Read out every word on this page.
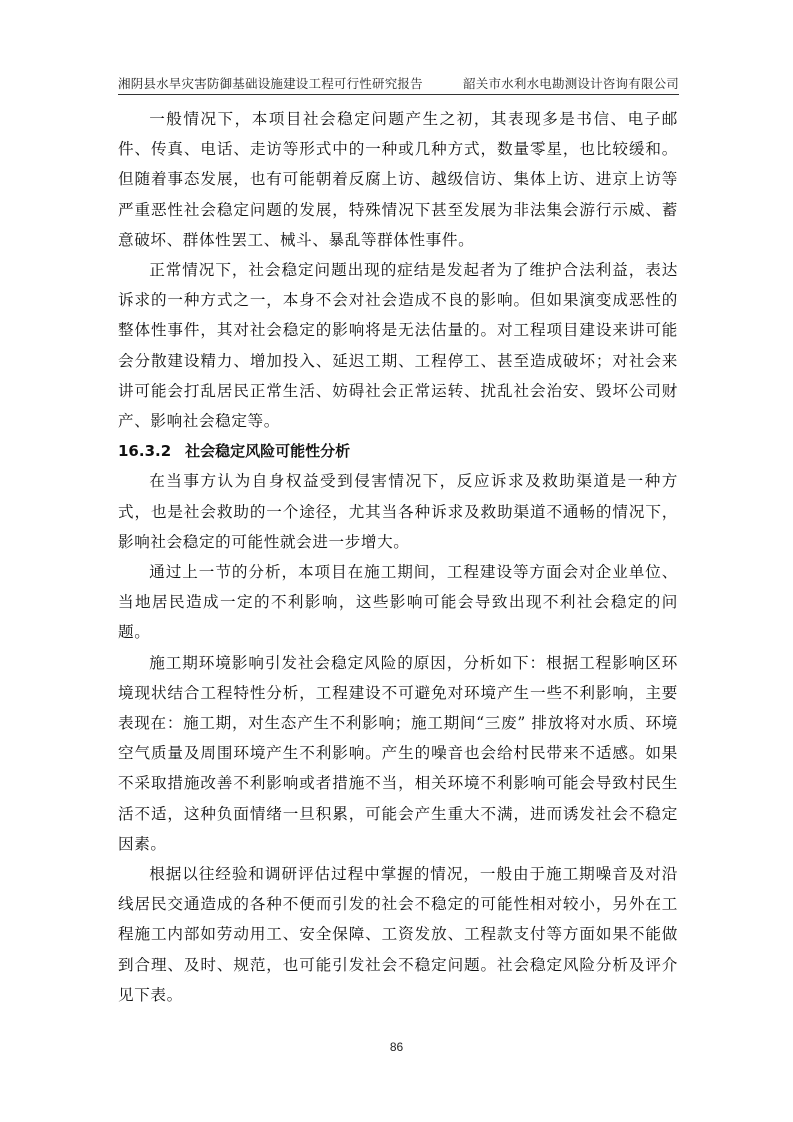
湘阴县水旱灾害防御基础设施建设工程可行性研究报告	韶关市水利水电勘测设计咨询有限公司

一般情况下，本项目社会稳定问题产生之初，其表现多是书信、电子邮件、传真、电话、走访等形式中的一种或几种方式，数量零星，也比较缓和。但随着事态发展，也有可能朝着反腐上访、越级信访、集体上访、进京上访等严重恶性社会稳定问题的发展，特殊情况下甚至发展为非法集会游行示威、蓄意破坏、群体性罢工、械斗、暴乱等群体性事件。

正常情况下，社会稳定问题出现的症结是发起者为了维护合法利益，表达诉求的一种方式之一，本身不会对社会造成不良的影响。但如果演变成恶性的整体性事件，其对社会稳定的影响将是无法估量的。对工程项目建设来讲可能会分散建设精力、增加投入、延迟工期、工程停工、甚至造成破坏；对社会来讲可能会打乱居民正常生活、妨碍社会正常运转、扰乱社会治安、毁坏公司财产、影响社会稳定等。

16.3.2 社会稳定风险可能性分析

在当事方认为自身权益受到侵害情况下，反应诉求及救助渠道是一种方式，也是社会救助的一个途径，尤其当各种诉求及救助渠道不通畅的情况下，影响社会稳定的可能性就会进一步增大。

通过上一节的分析，本项目在施工期间，工程建设等方面会对企业单位、当地居民造成一定的不利影响，这些影响可能会导致出现不利社会稳定的问题。

施工期环境影响引发社会稳定风险的原因，分析如下：根据工程影响区环境现状结合工程特性分析，工程建设不可避免对环境产生一些不利影响，主要表现在：施工期，对生态产生不利影响；施工期间“三废” 排放将对水质、环境空气质量及周围环境产生不利影响。产生的噪音也会给村民带来不适感。如果不采取措施改善不利影响或者措施不当，相关环境不利影响可能会导致村民生活不适，这种负面情绪一旦积累，可能会产生重大不满，进而诱发社会不稳定因素。

根据以往经验和调研评估过程中掌握的情况，一般由于施工期噪音及对沿线居民交通造成的各种不便而引发的社会不稳定的可能性相对较小，另外在工程施工内部如劳动用工、安全保障、工资发放、工程款支付等方面如果不能做到合理、及时、规范，也可能引发社会不稳定问题。社会稳定风险分析及评介见下表。

86
